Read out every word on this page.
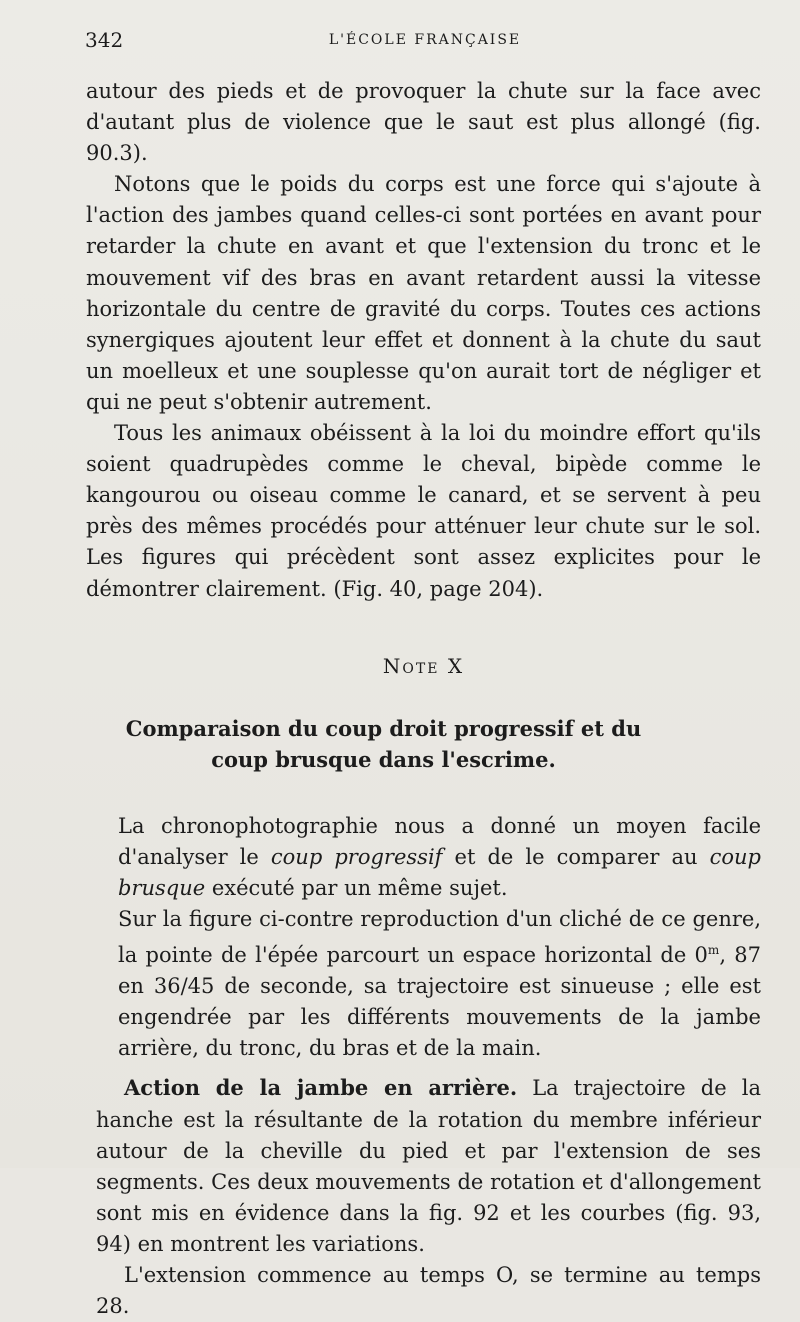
342	L'ÉCOLE FRANÇAISE

autour des pieds et de provoquer la chute sur la face avec d'autant plus de violence que le saut est plus allongé (fig. 90.3).

Notons que le poids du corps est une force qui s'ajoute à l'action des jambes quand celles-ci sont portées en avant pour retarder la chute en avant et que l'extension du tronc et le mouvement vif des bras en avant retardent aussi la vitesse horizontale du centre de gravité du corps. Toutes ces actions synergiques ajoutent leur effet et donnent à la chute du saut un moelleux et une souplesse qu'on aurait tort de négliger et qui ne peut s'obtenir autrement.

Tous les animaux obéissent à la loi du moindre effort qu'ils soient quadrupèdes comme le cheval, bipède comme le kangourou ou oiseau comme le canard, et se servent à peu près des mêmes procédés pour atténuer leur chute sur le sol. Les figures qui précèdent sont assez explicites pour le démontrer clairement. (Fig. 40, page 204).

Note X
Comparaison du coup droit progressif et du
coup brusque dans l'escrime.

La chronophotographie nous a donné un moyen facile d'analyser le coup progressif et de le comparer au coup brusque exécuté par un même sujet.

Sur la figure ci-contre reproduction d'un cliché de ce genre, la pointe de l'épée parcourt un espace horizontal de 0$^m$, 87 en 36/45 de seconde, sa trajectoire est sinueuse ; elle est engendrée par les différents mouvements de la jambe arrière, du tronc, du bras et de la main.

Action de la jambe en arrière. La trajectoire de la hanche est la résultante de la rotation du membre inférieur autour de la cheville du pied et par l'extension de ses segments. Ces deux mouvements de rotation et d'allongement sont mis en évidence dans la fig. 92 et les courbes (fig. 93, 94) en montrent les variations.

L'extension commence au temps O, se termine au temps 28.
